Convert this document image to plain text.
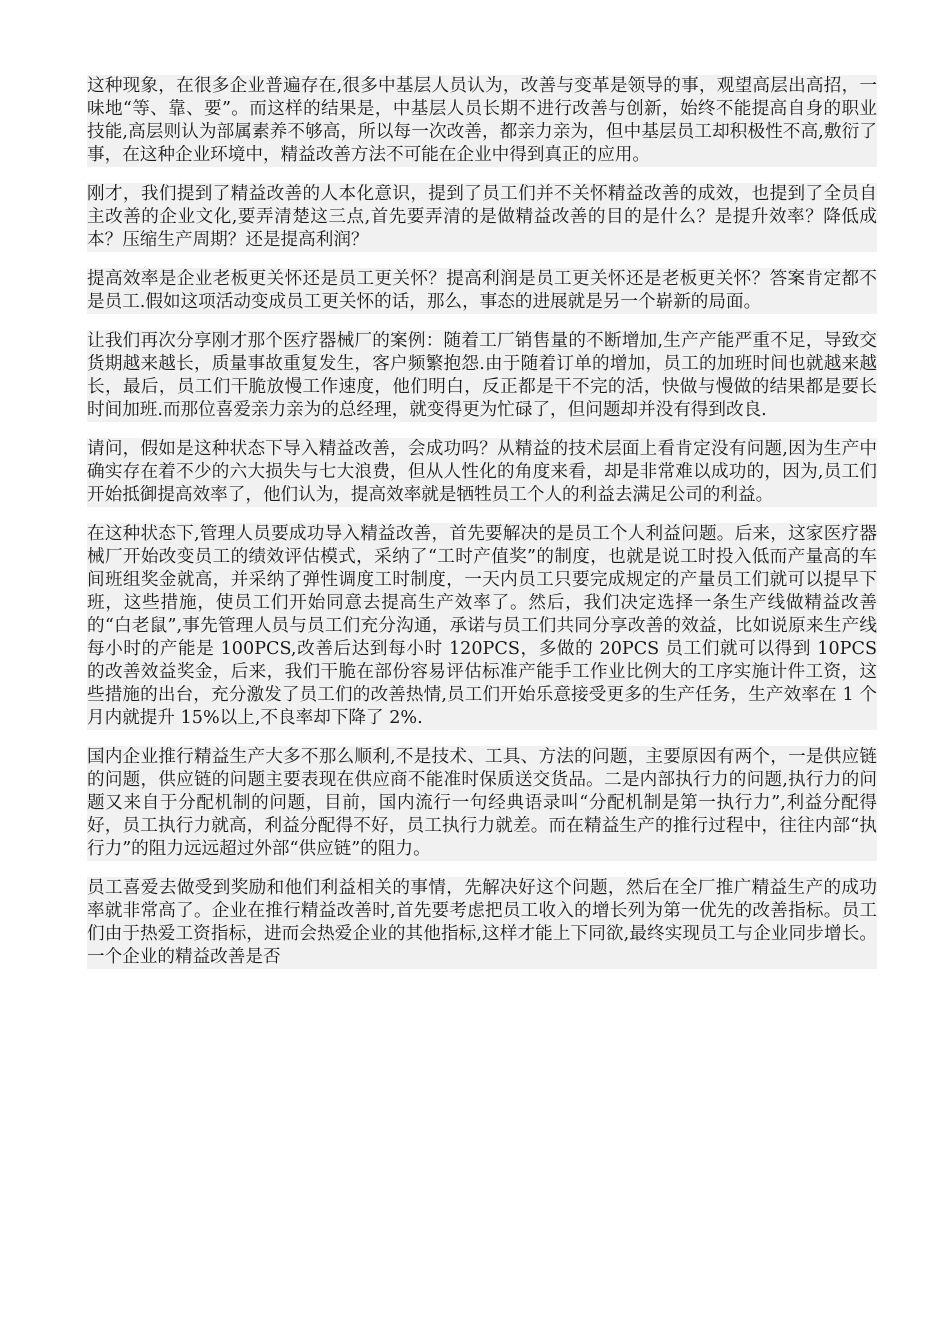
这种现象，在很多企业普遍存在,很多中基层人员认为，改善与变革是领导的事，观望高层出高招，一味地“等、靠、要”。而这样的结果是，中基层人员长期不进行改善与创新，始终不能提高自身的职业技能,高层则认为部属素养不够高，所以每一次改善，都亲力亲为，但中基层员工却积极性不高,敷衍了事，在这种企业环境中，精益改善方法不可能在企业中得到真正的应用。

刚才，我们提到了精益改善的人本化意识，提到了员工们并不关怀精益改善的成效，也提到了全员自主改善的企业文化,要弄清楚这三点,首先要弄清的是做精益改善的目的是什么？是提升效率？降低成本？压缩生产周期？还是提高利润？

提高效率是企业老板更关怀还是员工更关怀？提高利润是员工更关怀还是老板更关怀？答案肯定都不是员工.假如这项活动变成员工更关怀的话，那么，事态的进展就是另一个崭新的局面。

让我们再次分享刚才那个医疗器械厂的案例：随着工厂销售量的不断增加,生产产能严重不足，导致交货期越来越长，质量事故重复发生，客户频繁抱怨.由于随着订单的增加，员工的加班时间也就越来越长，最后，员工们干脆放慢工作速度，他们明白，反正都是干不完的活，快做与慢做的结果都是要长时间加班.而那位喜爱亲力亲为的总经理，就变得更为忙碌了，但问题却并没有得到改良.

请问，假如是这种状态下导入精益改善，会成功吗？从精益的技术层面上看肯定没有问题,因为生产中确实存在着不少的六大损失与七大浪费，但从人性化的角度来看，却是非常难以成功的，因为,员工们开始抵御提高效率了，他们认为，提高效率就是牺牲员工个人的利益去满足公司的利益。

在这种状态下,管理人员要成功导入精益改善，首先要解决的是员工个人利益问题。后来，这家医疗器械厂开始改变员工的绩效评估模式，采纳了“工时产值奖”的制度，也就是说工时投入低而产量高的车间班组奖金就高，并采纳了弹性调度工时制度，一天内员工只要完成规定的产量员工们就可以提早下班，这些措施，使员工们开始同意去提高生产效率了。然后，我们决定选择一条生产线做精益改善的“白老鼠”,事先管理人员与员工们充分沟通，承诺与员工们共同分享改善的效益，比如说原来生产线每小时的产能是 100PCS,改善后达到每小时 120PCS，多做的 20PCS 员工们就可以得到 10PCS 的改善效益奖金，后来，我们干脆在部份容易评估标准产能手工作业比例大的工序实施计件工资，这些措施的出台，充分激发了员工们的改善热情,员工们开始乐意接受更多的生产任务，生产效率在 1 个月内就提升 15%以上,不良率却下降了 2%.

国内企业推行精益生产大多不那么顺利,不是技术、工具、方法的问题，主要原因有两个，一是供应链的问题，供应链的问题主要表现在供应商不能准时保质送交货品。二是内部执行力的问题,执行力的问题又来自于分配机制的问题，目前，国内流行一句经典语录叫“分配机制是第一执行力”,利益分配得好，员工执行力就高，利益分配得不好，员工执行力就差。而在精益生产的推行过程中，往往内部“执行力”的阻力远远超过外部“供应链”的阻力。

员工喜爱去做受到奖励和他们利益相关的事情，先解决好这个问题，然后在全厂推广精益生产的成功率就非常高了。企业在推行精益改善时,首先要考虑把员工收入的增长列为第一优先的改善指标。员工们由于热爱工资指标，进而会热爱企业的其他指标,这样才能上下同欲,最终实现员工与企业同步增长。一个企业的精益改善是否
